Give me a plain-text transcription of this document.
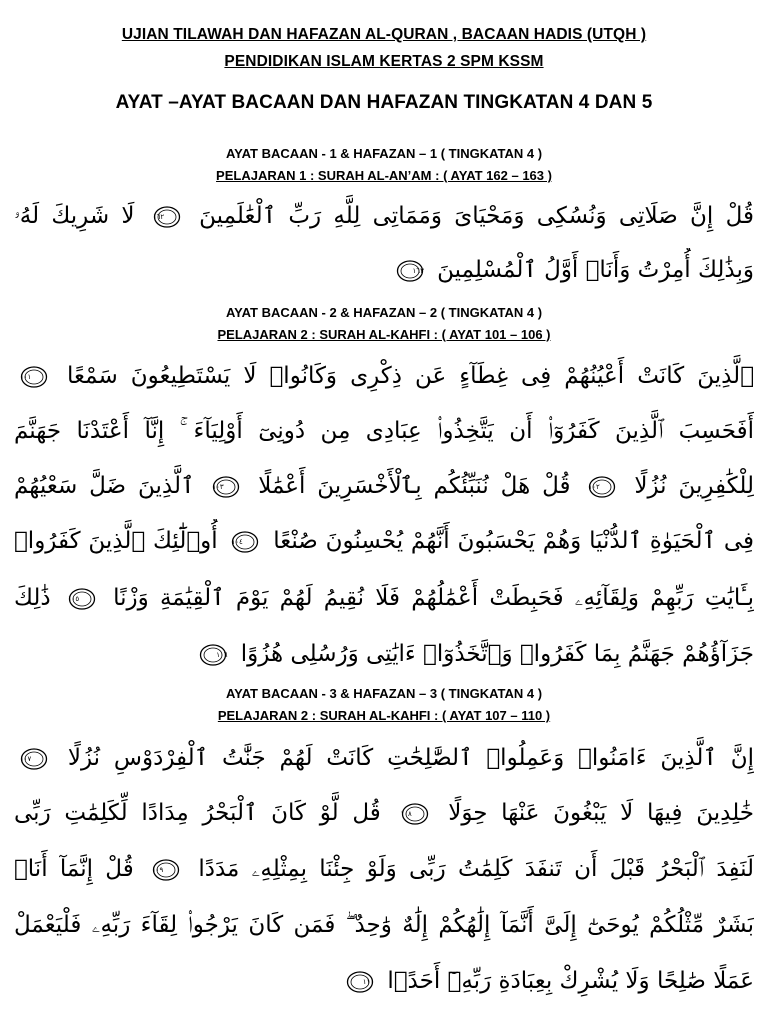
UJIAN TILAWAH DAN HAFAZAN AL-QURAN , BACAAN HADIS (UTQH )
PENDIDIKAN ISLAM KERTAS 2 SPM KSSM
AYAT –AYAT BACAAN DAN HAFAZAN TINGKATAN 4 DAN 5
AYAT BACAAN - 1 & HAFAZAN – 1 ( TINGKATAN 4 )
PELAJARAN 1 : SURAH AL-AN’AM : ( AYAT 162 – 163 )
قُلْ إِنَّ صَلَاتِى وَنُسُكِى وَمَحْيَاىَ وَمَمَاتِى لِلَّهِ رَبِّ ٱلْعَٰلَمِينَ
١٦٢
لَا شَرِيكَ لَهُۥ
وَبِذَٰلِكَ أُمِرْتُ وَأَنَا۠ أَوَّلُ ٱلْمُسْلِمِينَ
١٦٣
AYAT BACAAN - 2 & HAFAZAN – 2 ( TINGKATAN 4 )
PELAJARAN 2 : SURAH AL-KAHFI : ( AYAT 101 – 106 )
ٱلَّذِينَ كَانَتْ أَعْيُنُهُمْ فِى غِطَآءٍ عَن ذِكْرِى وَكَانُوا۟ لَا يَسْتَطِيعُونَ سَمْعًا
١٠١
أَفَحَسِبَ ٱلَّذِينَ كَفَرُوٓا۟ أَن يَتَّخِذُوا۟ عِبَادِى مِن دُونِىٓ أَوْلِيَآءَ ۚ إِنَّآ أَعْتَدْنَا جَهَنَّمَ
لِلْكَٰفِرِينَ نُزُلًا
١٠٢
قُلْ هَلْ نُنَبِّئُكُم بِٱلْأَخْسَرِينَ أَعْمَٰلًا
١٠٣
ٱلَّذِينَ ضَلَّ سَعْيُهُمْ
فِى ٱلْحَيَوٰةِ ٱلدُّنْيَا وَهُمْ يَحْسَبُونَ أَنَّهُمْ يُحْسِنُونَ صُنْعًا
١٠٤
أُو۟لَٰٓئِكَ ٱلَّذِينَ كَفَرُوا۟
بِـَٔايَٰتِ رَبِّهِمْ وَلِقَآئِهِۦ فَحَبِطَتْ أَعْمَٰلُهُمْ فَلَا نُقِيمُ لَهُمْ يَوْمَ ٱلْقِيَٰمَةِ وَزْنًا
١٠٥
ذَٰلِكَ
جَزَآؤُهُمْ جَهَنَّمُ بِمَا كَفَرُوا۟ وَٱتَّخَذُوٓا۟ ءَايَٰتِى وَرُسُلِى هُزُوًا
١٠٦
AYAT BACAAN - 3 & HAFAZAN – 3 ( TINGKATAN 4 )
PELAJARAN 2 : SURAH AL-KAHFI : ( AYAT 107 – 110 )
إِنَّ ٱلَّذِينَ ءَامَنُوا۟ وَعَمِلُوا۟ ٱلصَّٰلِحَٰتِ كَانَتْ لَهُمْ جَنَّٰتُ ٱلْفِرْدَوْسِ نُزُلًا
١٠٧
خَٰلِدِينَ فِيهَا لَا يَبْغُونَ عَنْهَا حِوَلًا
١٠٨
قُل لَّوْ كَانَ ٱلْبَحْرُ مِدَادًا لِّكَلِمَٰتِ رَبِّى
لَنَفِدَ ٱلْبَحْرُ قَبْلَ أَن تَنفَدَ كَلِمَٰتُ رَبِّى وَلَوْ جِئْنَا بِمِثْلِهِۦ مَدَدًا
١٠٩
قُلْ إِنَّمَآ أَنَا۠
بَشَرٌ مِّثْلُكُمْ يُوحَىٰٓ إِلَىَّ أَنَّمَآ إِلَٰهُكُمْ إِلَٰهٌ وَٰحِدٌ ۖ فَمَن كَانَ يَرْجُوا۟ لِقَآءَ رَبِّهِۦ فَلْيَعْمَلْ
عَمَلًا صَٰلِحًا وَلَا يُشْرِكْ بِعِبَادَةِ رَبِّهِۦٓ أَحَدًۢا
١١٠
